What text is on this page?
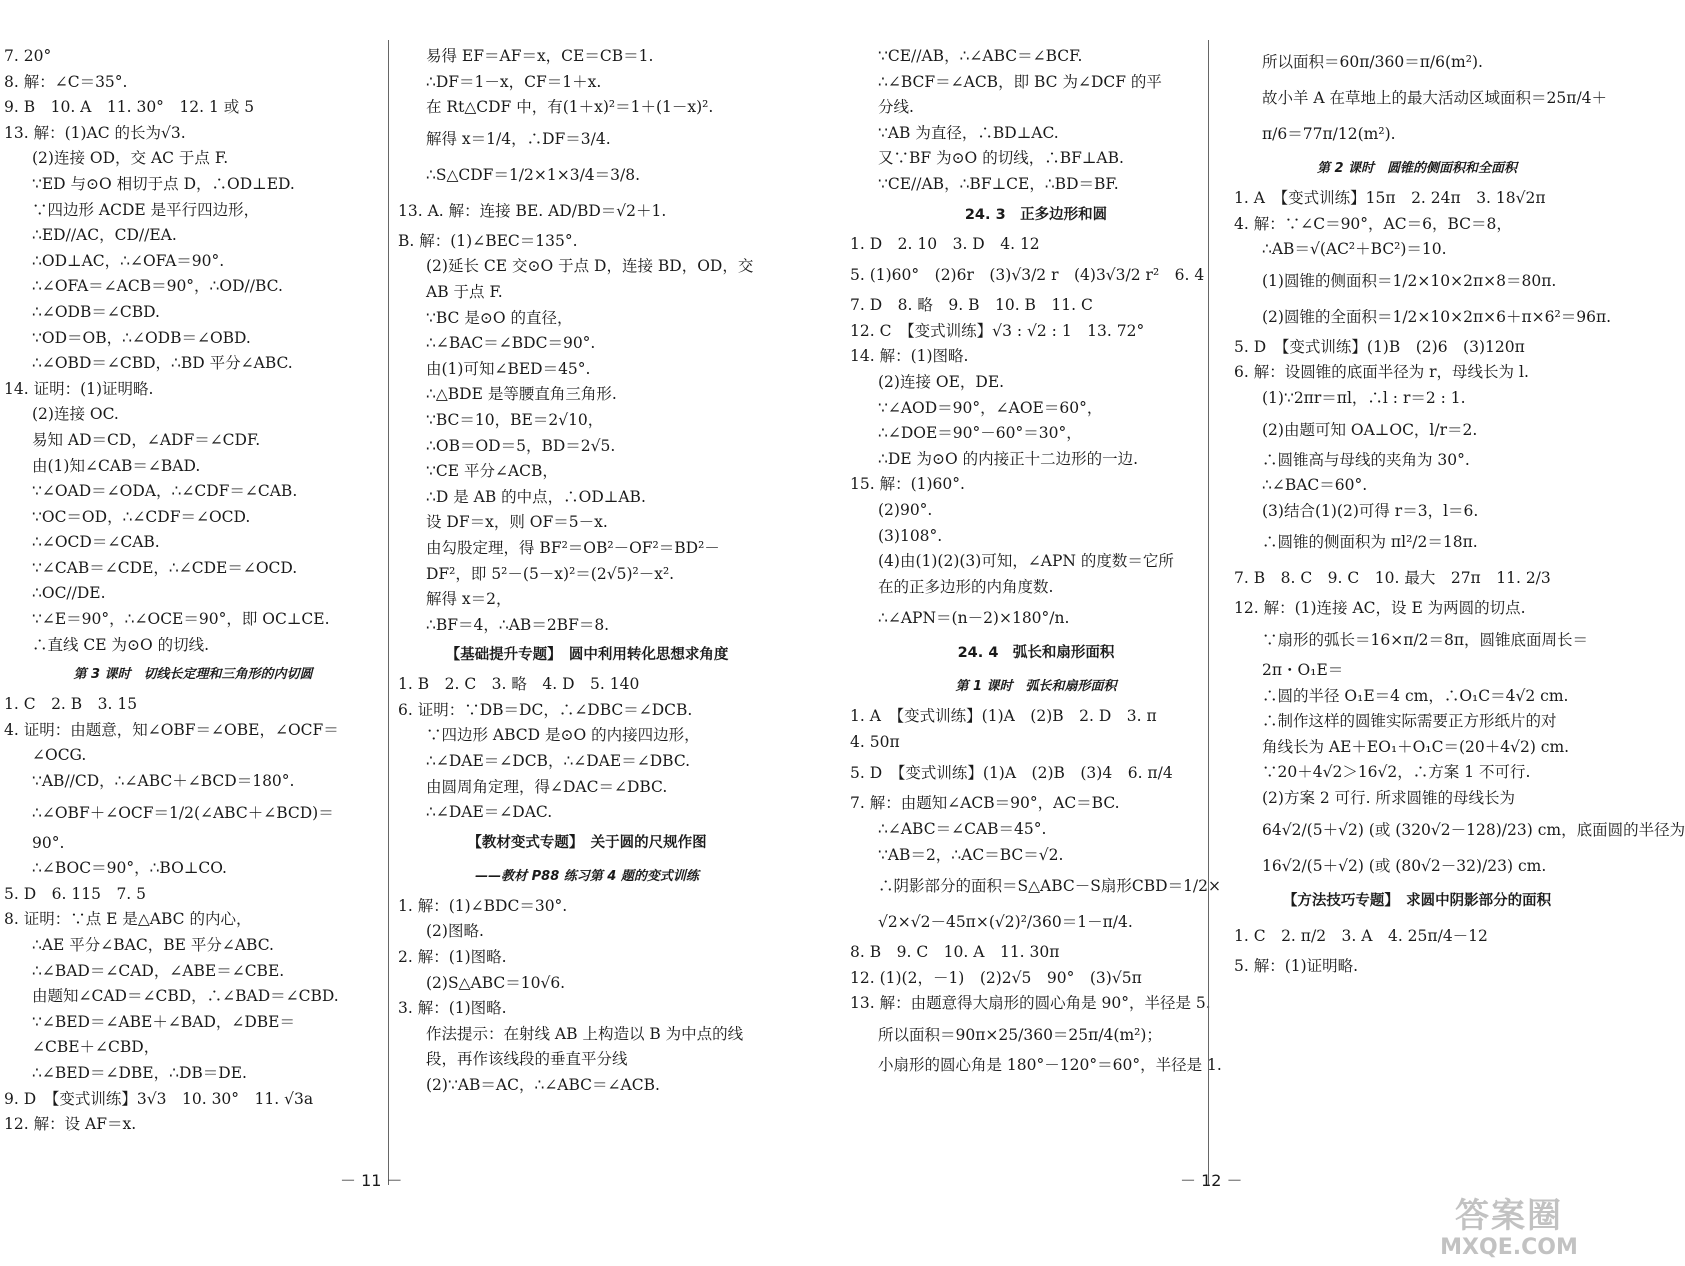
7. 20°
8. 解：∠C＝35°.
9. B　10. A　11. 30°　12. 1 或 5
13. 解：(1)AC 的长为√3.
(2)连接 OD，交 AC 于点 F.
∵ED 与⊙O 相切于点 D，∴OD⊥ED.
∵四边形 ACDE 是平行四边形，
∴ED//AC，CD//EA.
∴OD⊥AC，∴∠OFA＝90°.
∴∠OFA＝∠ACB＝90°，∴OD//BC.
∴∠ODB＝∠CBD.
∵OD＝OB，∴∠ODB＝∠OBD.
∴∠OBD＝∠CBD，∴BD 平分∠ABC.
14. 证明：(1)证明略.
(2)连接 OC.
易知 AD＝CD，∠ADF＝∠CDF.
由(1)知∠CAB＝∠BAD.
∵∠OAD＝∠ODA，∴∠CDF＝∠CAB.
∵OC＝OD，∴∠CDF＝∠OCD.
∴∠OCD＝∠CAB.
∵∠CAB＝∠CDE，∴∠CDE＝∠OCD.
∴OC//DE.
∵∠E＝90°，∴∠OCE＝90°，即 OC⊥CE.
∴直线 CE 为⊙O 的切线.
第 3 课时　切线长定理和三角形的内切圆
1. C　2. B　3. 15
4. 证明：由题意，知∠OBF＝∠OBE，∠OCF＝
∠OCG.
∵AB//CD，∴∠ABC＋∠BCD＝180°.
∴∠OBF＋∠OCF＝1/2(∠ABC＋∠BCD)＝
90°.
∴∠BOC＝90°，∴BO⊥CO.
5. D　6. 115　7. 5
8. 证明：∵点 E 是△ABC 的内心，
∴AE 平分∠BAC，BE 平分∠ABC.
∴∠BAD＝∠CAD，∠ABE＝∠CBE.
由题知∠CAD＝∠CBD，∴∠BAD＝∠CBD.
∵∠BED＝∠ABE＋∠BAD，∠DBE＝
∠CBE＋∠CBD，
∴∠BED＝∠DBE，∴DB＝DE.
9. D　【变式训练】3√3　10. 30°　11. √3a
12. 解：设 AF＝x.
易得 EF＝AF＝x，CE＝CB＝1.
∴DF＝1－x，CF＝1＋x.
在 Rt△CDF 中，有(1＋x)²＝1＋(1－x)².
解得 x＝1/4，∴DF＝3/4.
∴S△CDF＝1/2×1×3/4＝3/8.
13. A. 解：连接 BE. AD/BD＝√2＋1.
B. 解：(1)∠BEC＝135°.
(2)延长 CE 交⊙O 于点 D，连接 BD，OD，交
AB 于点 F.
∵BC 是⊙O 的直径，
∴∠BAC＝∠BDC＝90°.
由(1)可知∠BED＝45°.
∴△BDE 是等腰直角三角形.
∵BC＝10，BE＝2√10，
∴OB＝OD＝5，BD＝2√5.
∵CE 平分∠ACB，
∴D 是 AB 的中点，∴OD⊥AB.
设 DF＝x，则 OF＝5－x.
由勾股定理，得 BF²＝OB²－OF²＝BD²－
DF²，即 5²－(5－x)²＝(2√5)²－x².
解得 x＝2，
∴BF＝4，∴AB＝2BF＝8.
【基础提升专题】　圆中利用转化思想求角度
1. B　2. C　3. 略　4. D　5. 140
6. 证明：∵DB＝DC，∴∠DBC＝∠DCB.
∵四边形 ABCD 是⊙O 的内接四边形，
∴∠DAE＝∠DCB，∴∠DAE＝∠DBC.
由圆周角定理，得∠DAC＝∠DBC.
∴∠DAE＝∠DAC.
【教材变式专题】　关于圆的尺规作图
——教材 P88 练习第 4 题的变式训练
1. 解：(1)∠BDC＝30°.
(2)图略.
2. 解：(1)图略.
(2)S△ABC＝10√6.
3. 解：(1)图略.
作法提示：在射线 AB 上构造以 B 为中点的线
段，再作该线段的垂直平分线
(2)∵AB＝AC，∴∠ABC＝∠ACB.
－ 11 －
∵CE//AB，∴∠ABC＝∠BCF.
∴∠BCF＝∠ACB，即 BC 为∠DCF 的平
分线.
∵AB 为直径，∴BD⊥AC.
又∵BF 为⊙O 的切线，∴BF⊥AB.
∵CE//AB，∴BF⊥CE，∴BD＝BF.
24. 3　正多边形和圆
1. D　2. 10　3. D　4. 12
5. (1)60°　(2)6r　(3)√3/2 r　(4)3√3/2 r²　6. 4
7. D　8. 略　9. B　10. B　11. C
12. C　【变式训练】√3 : √2 : 1　13. 72°
14. 解：(1)图略.
(2)连接 OE，DE.
∵∠AOD＝90°，∠AOE＝60°，
∴∠DOE＝90°－60°＝30°，
∴DE 为⊙O 的内接正十二边形的一边.
15. 解：(1)60°.
(2)90°.
(3)108°.
(4)由(1)(2)(3)可知，∠APN 的度数＝它所
在的正多边形的内角度数.
∴∠APN＝(n－2)×180°/n.
24. 4　弧长和扇形面积
第 1 课时　弧长和扇形面积
1. A　【变式训练】(1)A　(2)B　2. D　3. π
4. 50π
5. D　【变式训练】(1)A　(2)B　(3)4　6. π/4
7. 解：由题知∠ACB＝90°，AC＝BC.
∴∠ABC＝∠CAB＝45°.
∵AB＝2，∴AC＝BC＝√2.
∴阴影部分的面积＝S△ABC－S扇形CBD＝1/2×
√2×√2－45π×(√2)²/360＝1－π/4.
8. B　9. C　10. A　11. 30π
12. (1)(2，－1)　(2)2√5　90°　(3)√5π
13. 解：由题意得大扇形的圆心角是 90°，半径是 5.
所以面积＝90π×25/360＝25π/4(m²)；
小扇形的圆心角是 180°－120°＝60°，半径是 1.
所以面积＝60π/360＝π/6(m²).
故小羊 A 在草地上的最大活动区域面积＝25π/4＋
π/6＝77π/12(m²).
第 2 课时　圆锥的侧面积和全面积
1. A　【变式训练】15π　2. 24π　3. 18√2π
4. 解：∵∠C＝90°，AC＝6，BC＝8，
∴AB＝√(AC²＋BC²)＝10.
(1)圆锥的侧面积＝1/2×10×2π×8＝80π.
(2)圆锥的全面积＝1/2×10×2π×6＋π×6²＝96π.
5. D　【变式训练】(1)B　(2)6　(3)120π
6. 解：设圆锥的底面半径为 r，母线长为 l.
(1)∵2πr＝πl，∴l : r＝2 : 1.
(2)由题可知 OA⊥OC，l/r＝2.
∴圆锥高与母线的夹角为 30°.
∴∠BAC＝60°.
(3)结合(1)(2)可得 r＝3，l＝6.
∴圆锥的侧面积为 πl²/2＝18π.
7. B　8. C　9. C　10. 最大　27π　11. 2/3
12. 解：(1)连接 AC，设 E 为两圆的切点.
∵扇形的弧长＝16×π/2＝8π，圆锥底面周长＝
2π・O₁E＝
∴圆的半径 O₁E＝4 cm，∴O₁C＝4√2 cm.
∴制作这样的圆锥实际需要正方形纸片的对
角线长为 AE＋EO₁＋O₁C＝(20＋4√2) cm.
∵20＋4√2＞16√2，∴方案 1 不可行.
(2)方案 2 可行. 所求圆锥的母线长为
64√2/(5＋√2) (或 (320√2－128)/23) cm，底面圆的半径为
16√2/(5＋√2) (或 (80√2－32)/23) cm.
【方法技巧专题】　求圆中阴影部分的面积
1. C　2. π/2　3. A　4. 25π/4－12
5. 解：(1)证明略.
－ 12 －
答案圈
MXQE.COM
